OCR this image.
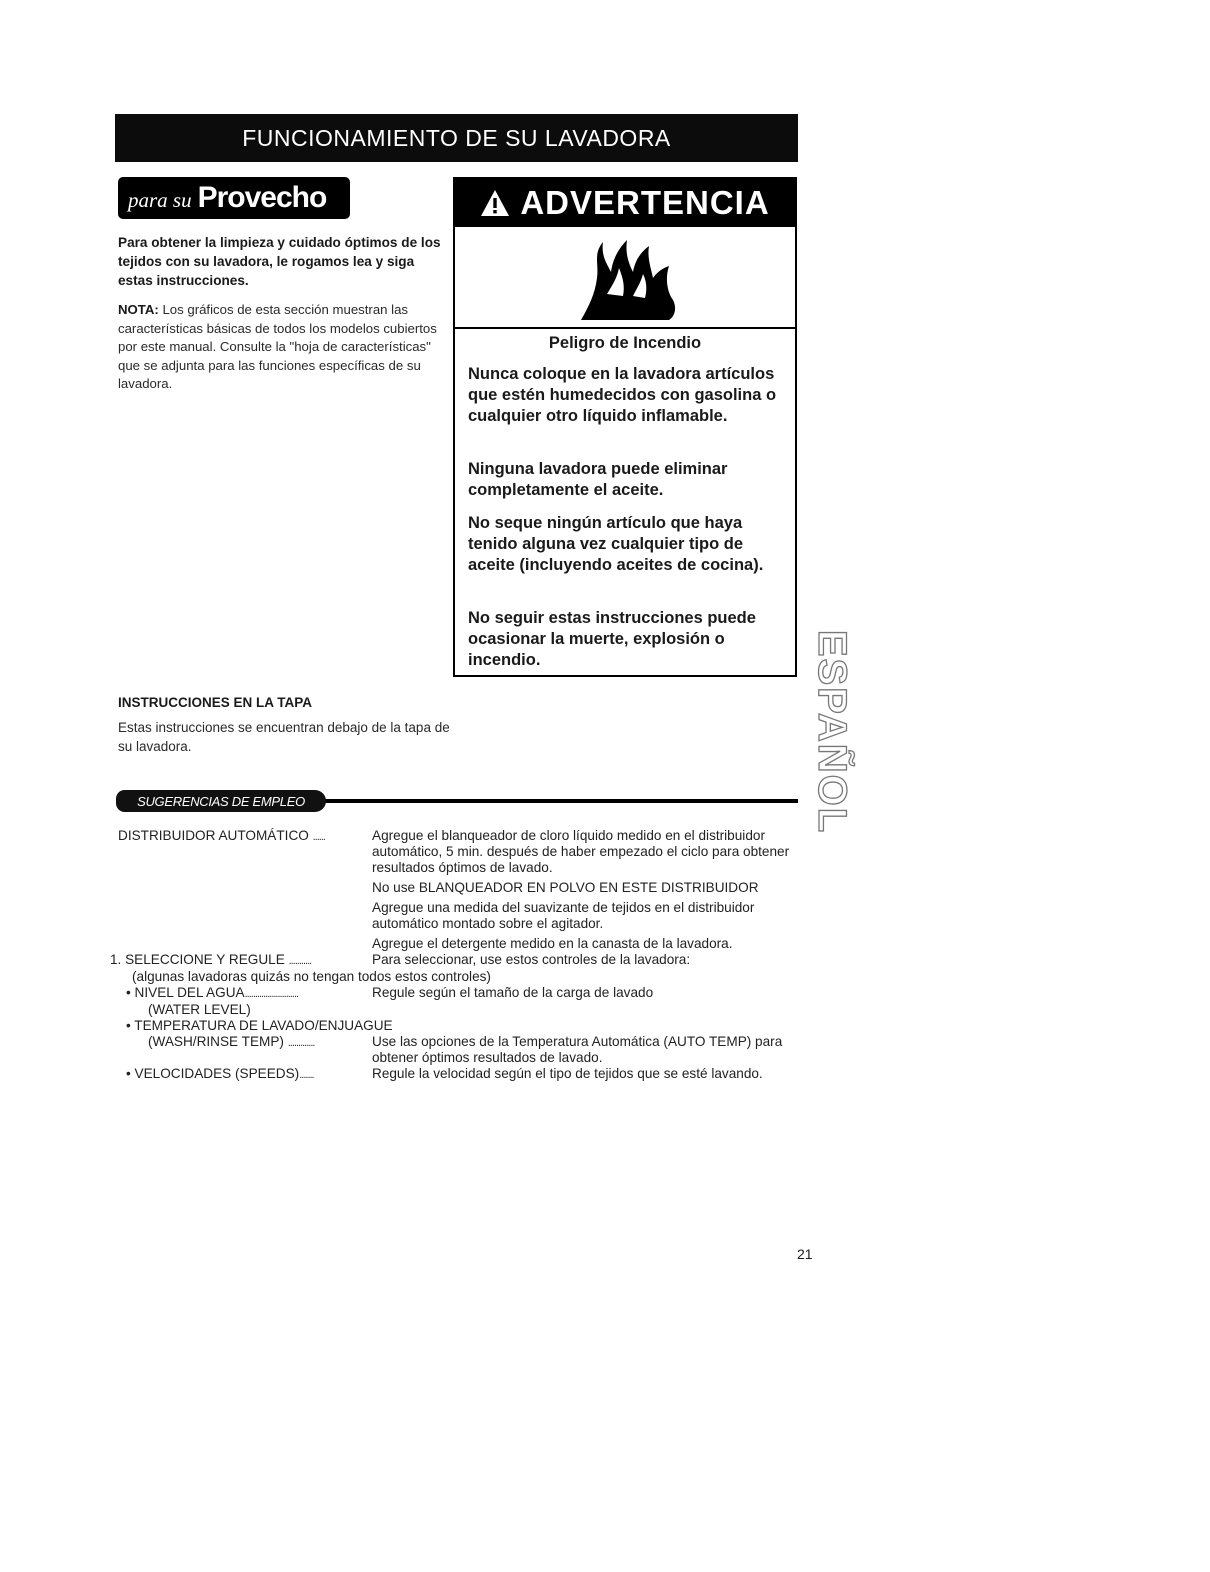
FUNCIONAMIENTO DE SU LAVADORA
para su Provecho
Para obtener la limpieza y cuidado óptimos de los tejidos con su lavadora, le rogamos lea y siga estas instrucciones.
NOTA: Los gráficos de esta sección muestran las características básicas de todos los modelos cubiertos por este manual. Consulte la "hoja de características" que se adjunta para las funciones específicas de su lavadora.
ADVERTENCIA
Peligro de Incendio
Nunca coloque en la lavadora artículos que estén humedecidos con gasolina o cualquier otro líquido inflamable.
Ninguna lavadora puede eliminar completamente el aceite.
No seque ningún artículo que haya tenido alguna vez cualquier tipo de aceite (incluyendo aceites de cocina).
No seguir estas instrucciones puede ocasionar la muerte, explosión o incendio.	ESPAÑOL
INSTRUCCIONES EN LA TAPA
Estas instrucciones se encuentran debajo de la tapa de su lavadora.
SUGERENCIAS DE EMPLEO
DISTRIBUIDOR AUTOMÁTICO ......	Agregue el blanqueador de cloro líquido medido en el distribuidor automático, 5 min. después de haber empezado el ciclo para obtener resultados óptimos de lavado.
No use BLANQUEADOR EN POLVO EN ESTE DISTRIBUIDOR
Agregue una medida del suavizante de tejidos en el distribuidor automático montado sobre el agitador.
Agregue el detergente medido en la canasta de la lavadora.
1. SELECCIONE Y REGULE ...........	Para seleccionar, use estos controles de la lavadora:
(algunas lavadoras quizás no tengan todos estos controles)
• NIVEL DEL AGUA..........................	Regule según el tamaño de la carga de lavado
(WATER LEVEL)
• TEMPERATURA DE LAVADO/ENJUAGUE
(WASH/RINSE TEMP) .............	Use las opciones de la Temperatura Automática (AUTO TEMP) para obtener óptimos resultados de lavado.
• VELOCIDADES (SPEEDS).......	Regule la velocidad según el tipo de tejidos que se esté lavando.
21
